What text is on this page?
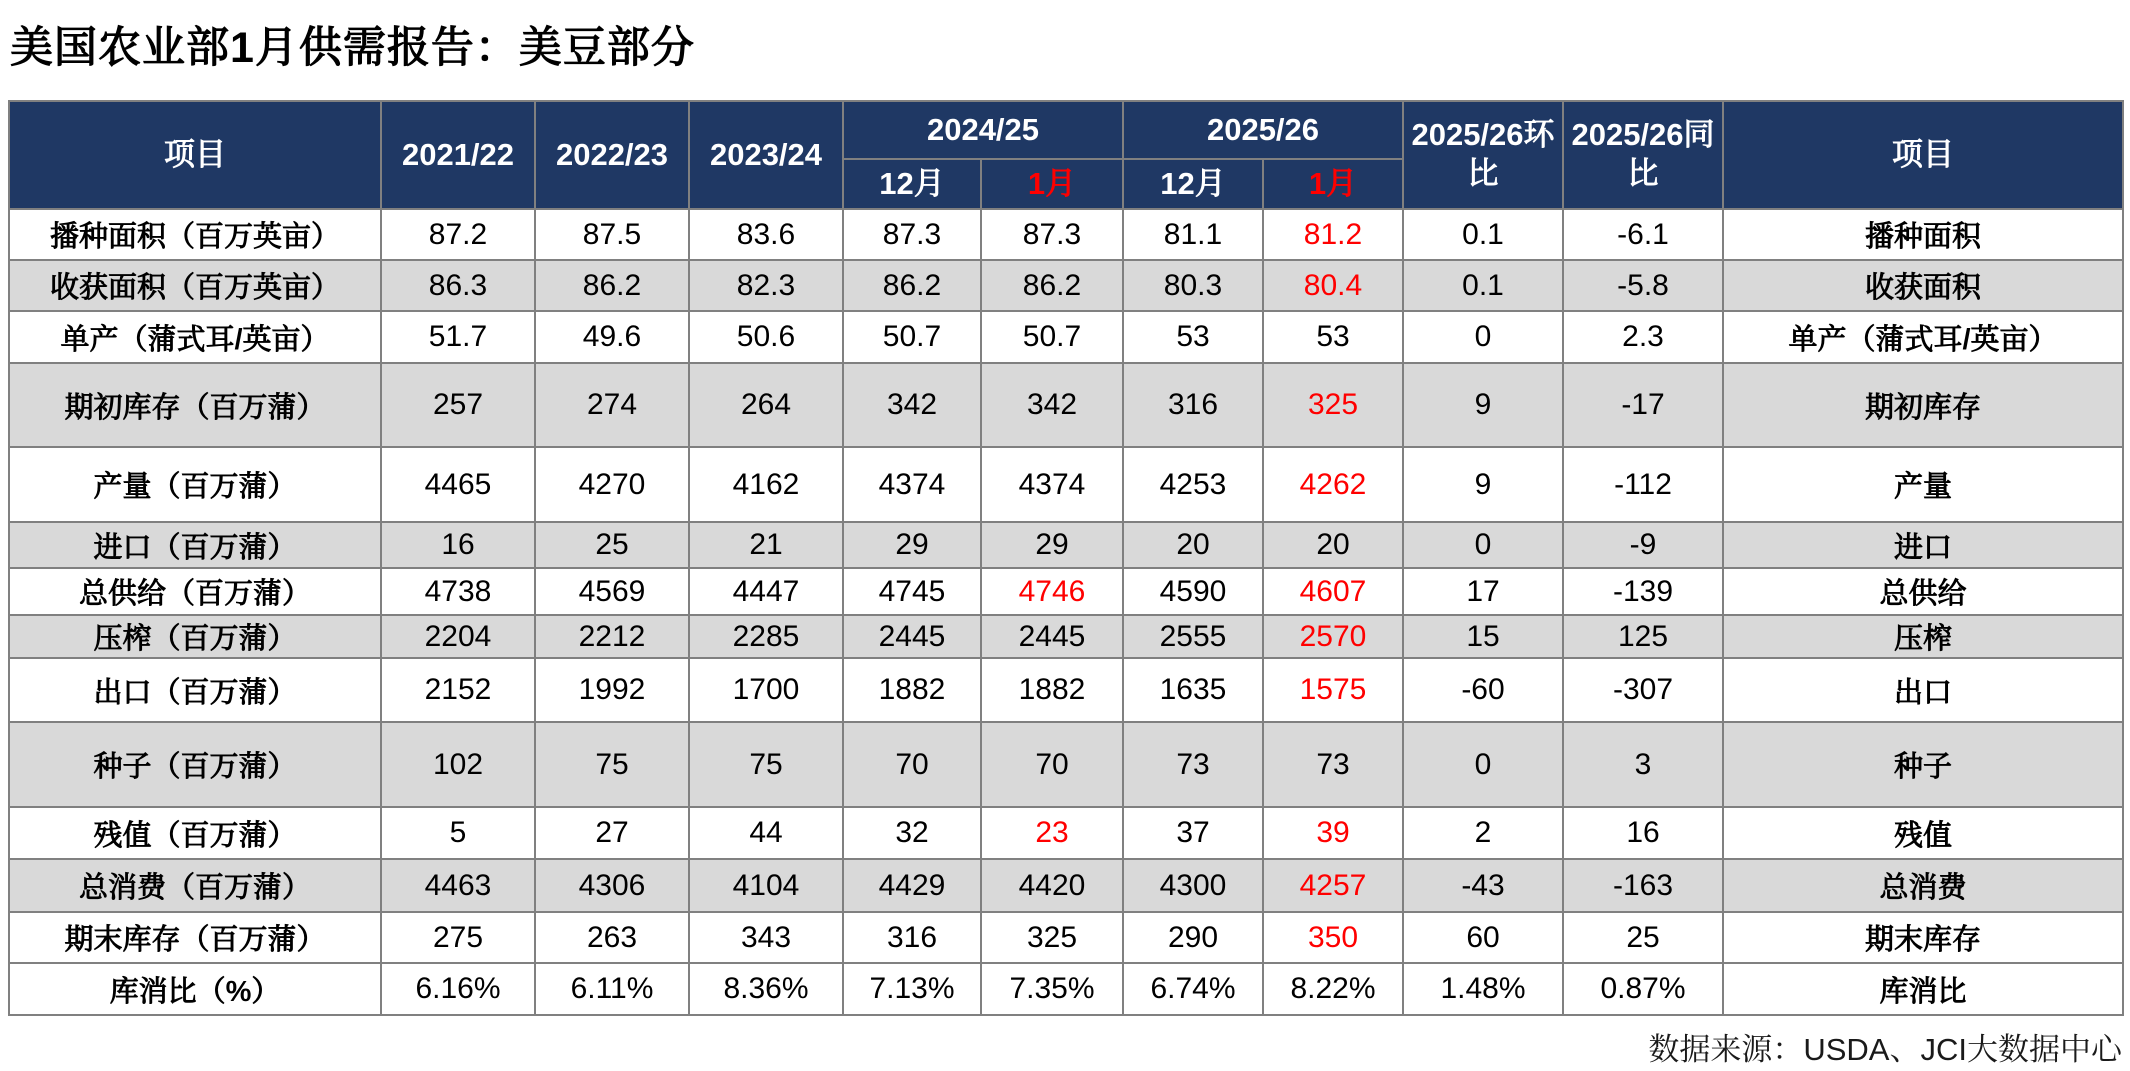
美国农业部1月供需报告：美豆部分
项目	2021/22	2022/23	2023/24	2024/25		2025/26		2025/26环比	2025/26同比	项目
				12月	1月	12月	1月			
播种面积（百万英亩）	87.2	87.5	83.6	87.3	87.3	81.1	81.2	0.1	-6.1	播种面积
收获面积（百万英亩）	86.3	86.2	82.3	86.2	86.2	80.3	80.4	0.1	-5.8	收获面积
单产（蒲式耳/英亩）	51.7	49.6	50.6	50.7	50.7	53	53	0	2.3	单产（蒲式耳/英亩）
期初库存（百万蒲）	257	274	264	342	342	316	325	9	-17	期初库存
产量（百万蒲）	4465	4270	4162	4374	4374	4253	4262	9	-112	产量
进口（百万蒲）	16	25	21	29	29	20	20	0	-9	进口
总供给（百万蒲）	4738	4569	4447	4745	4746	4590	4607	17	-139	总供给
压榨（百万蒲）	2204	2212	2285	2445	2445	2555	2570	15	125	压榨
出口（百万蒲）	2152	1992	1700	1882	1882	1635	1575	-60	-307	出口
种子（百万蒲）	102	75	75	70	70	73	73	0	3	种子
残值（百万蒲）	5	27	44	32	23	37	39	2	16	残值
总消费（百万蒲）	4463	4306	4104	4429	4420	4300	4257	-43	-163	总消费
期末库存（百万蒲）	275	263	343	316	325	290	350	60	25	期末库存
库消比（%）	6.16%	6.11%	8.36%	7.13%	7.35%	6.74%	8.22%	1.48%	0.87%	库消比
数据来源：USDA、JCI大数据中心
